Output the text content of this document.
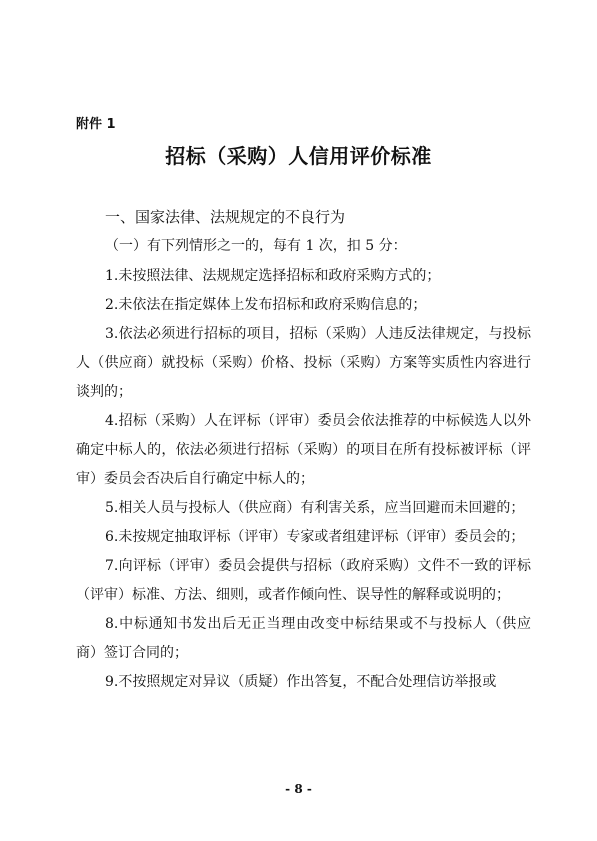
附件 1
招标（采购）人信用评价标准
一、国家法律、法规规定的不良行为
（一）有下列情形之一的，每有 1 次，扣 5 分：

1.未按照法律、法规规定选择招标和政府采购方式的；

2.未依法在指定媒体上发布招标和政府采购信息的；

3.依法必须进行招标的项目，招标（采购）人违反法律规定，与投标人（供应商）就投标（采购）价格、投标（采购）方案等实质性内容进行谈判的；

4.招标（采购）人在评标（评审）委员会依法推荐的中标候选人以外确定中标人的，依法必须进行招标（采购）的项目在所有投标被评标（评审）委员会否决后自行确定中标人的；

5.相关人员与投标人（供应商）有利害关系，应当回避而未回避的；

6.未按规定抽取评标（评审）专家或者组建评标（评审）委员会的；

7.向评标（评审）委员会提供与招标（政府采购）文件不一致的评标（评审）标准、方法、细则，或者作倾向性、误导性的解释或说明的；

8.中标通知书发出后无正当理由改变中标结果或不与投标人（供应商）签订合同的；

9.不按照规定对异议（质疑）作出答复，不配合处理信访举报或

- 8 -
